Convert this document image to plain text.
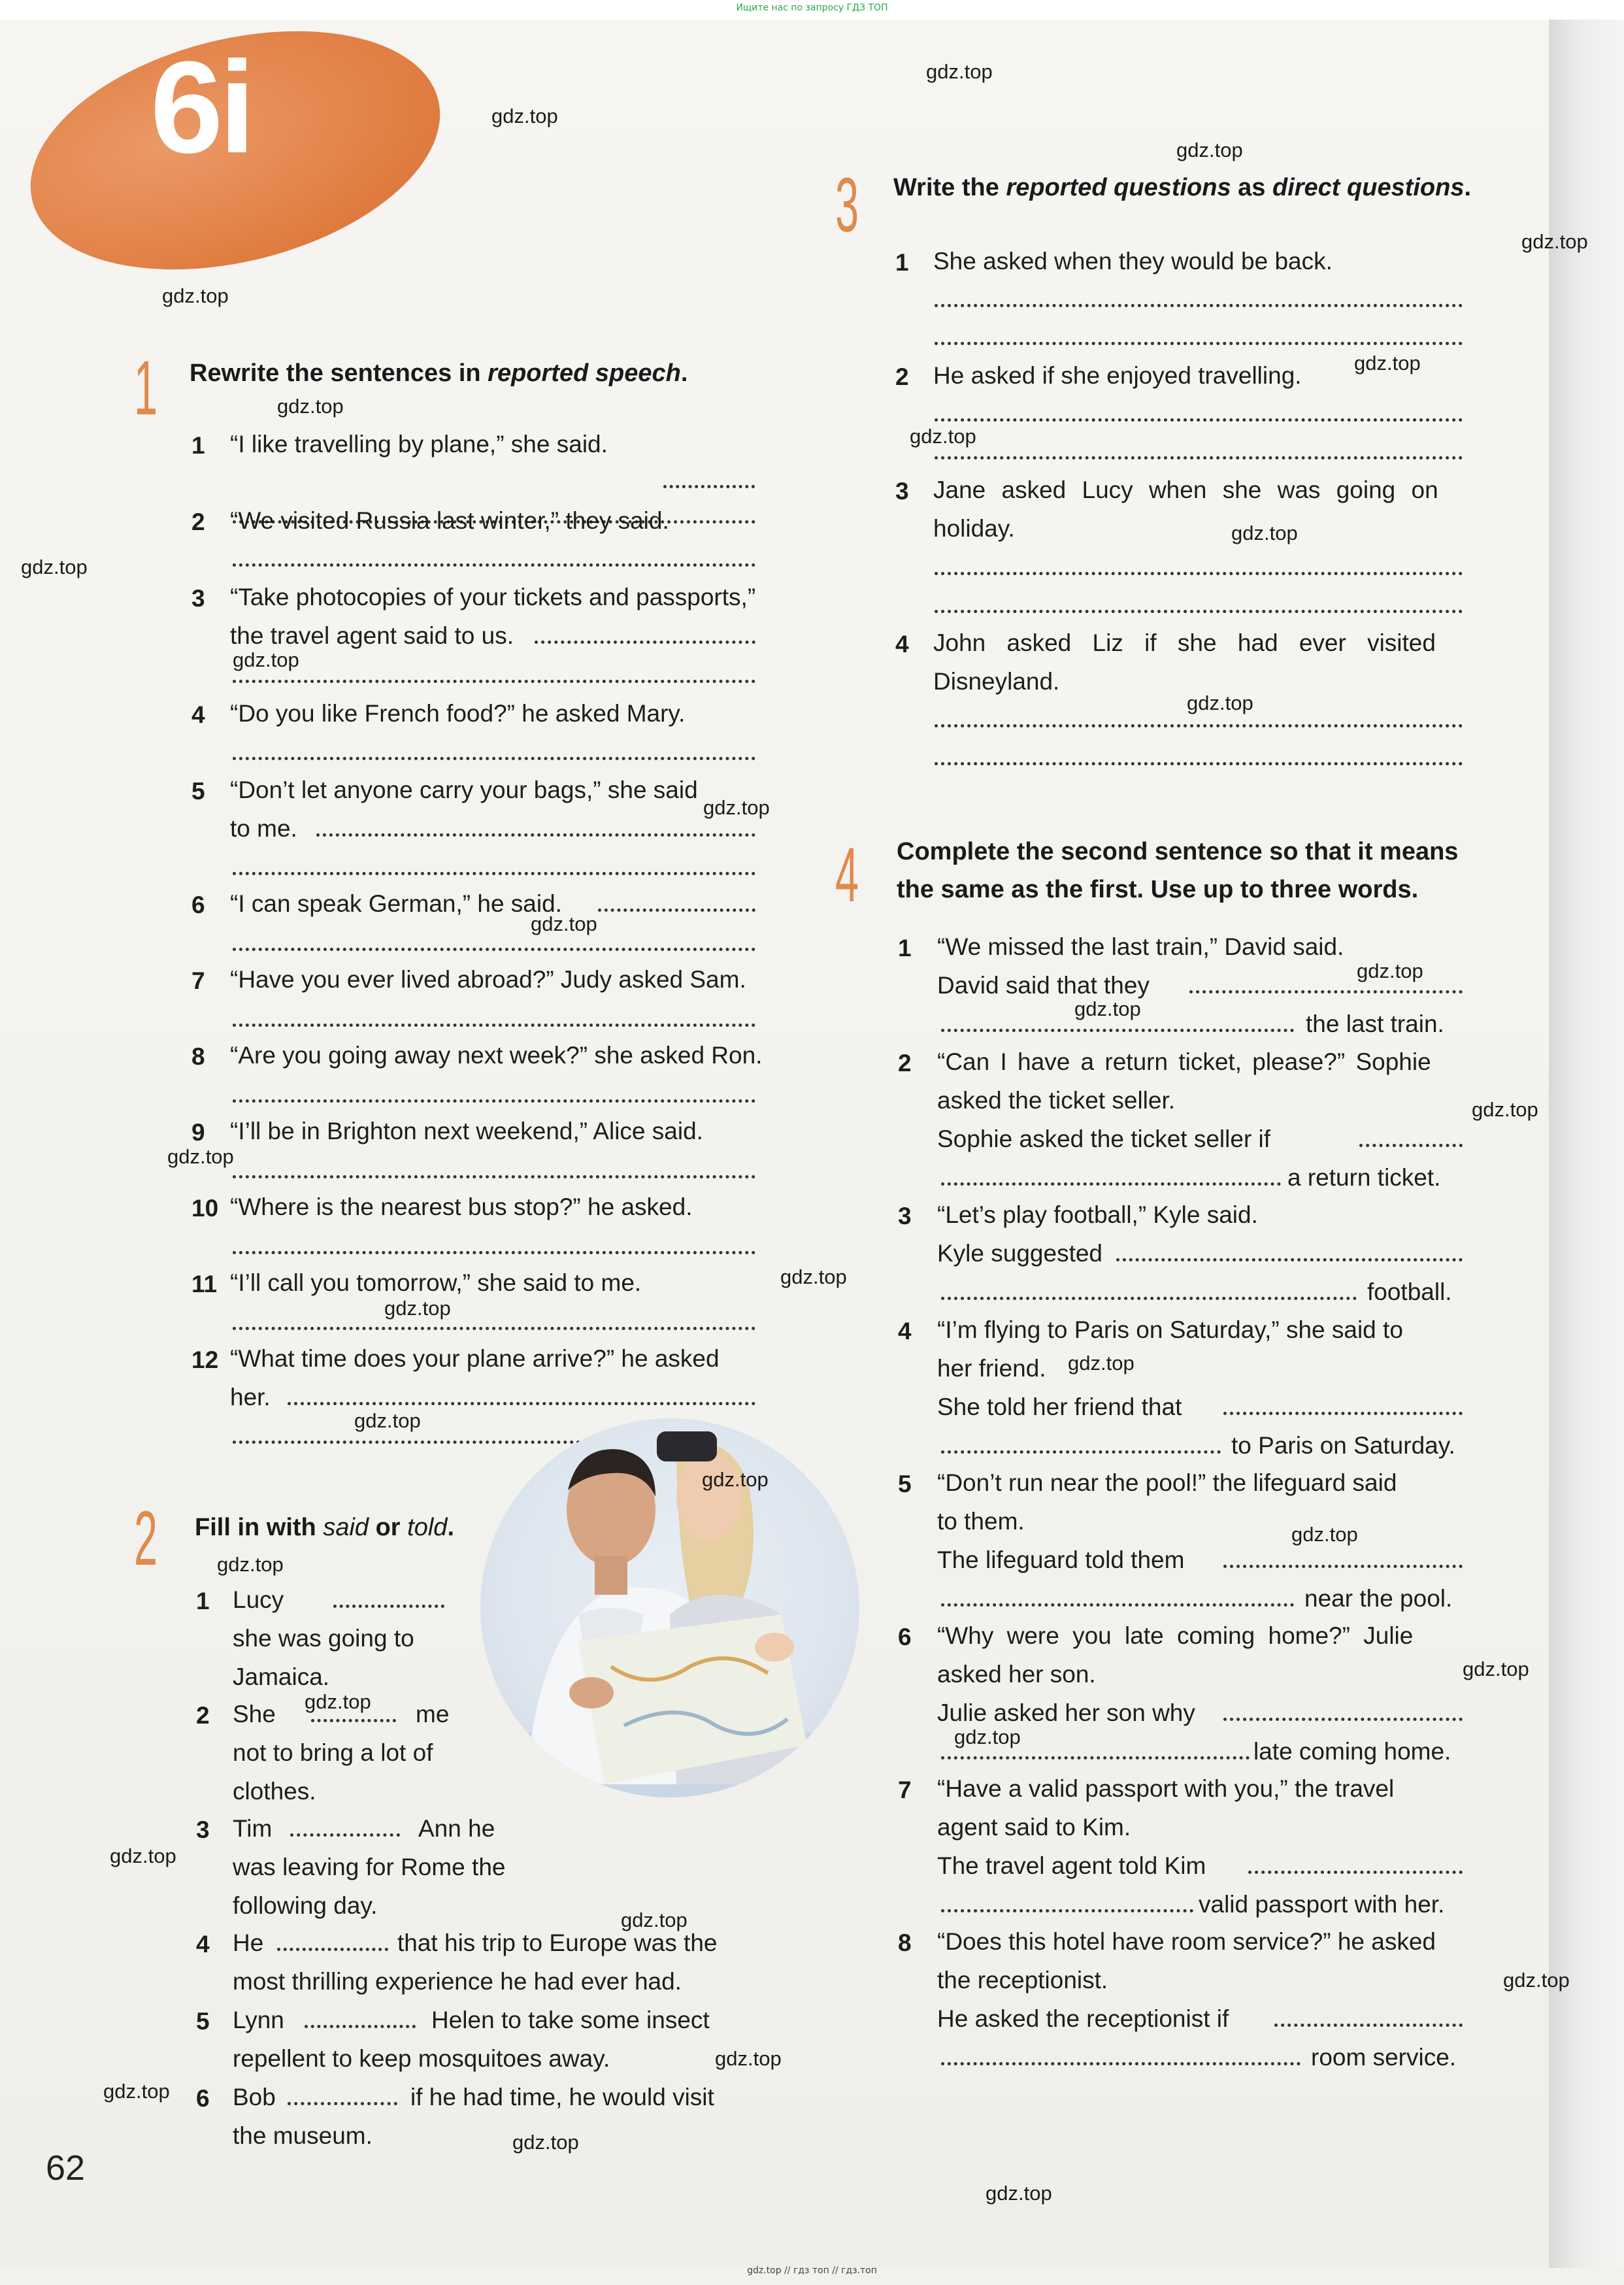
Ищите нас по запросу ГДЗ ТОП
6i
1 Rewrite the sentences in reported speech.
1 “I like travelling by plane,” she said.
2 “We visited Russia last winter,” they said.
3 “Take photocopies of your tickets and passports,”
the travel agent said to us.
4 “Do you like French food?” he asked Mary.
5 “Don’t let anyone carry your bags,” she said
to me.
6 “I can speak German,” he said.
7 “Have you ever lived abroad?” Judy asked Sam.
8 “Are you going away next week?” she asked Ron.
9 “I’ll be in Brighton next weekend,” Alice said.
10 “Where is the nearest bus stop?” he asked.
11 “I’ll call you tomorrow,” she said to me.
12 “What time does your plane arrive?” he asked
her.
2 Fill in with said or told.
1 Lucy
she was going to
Jamaica.
2 She	me
not to bring a lot of
clothes.
3 Tim	Ann he
was leaving for Rome the
following day.
4 He	that his trip to Europe was the
most thrilling experience he had ever had.
5 Lynn	Helen to take some insect
repellent to keep mosquitoes away.
6 Bob	if he had time, he would visit
the museum.
3 Write the reported questions as direct questions.
1 She asked when they would be back.
2 He asked if she enjoyed travelling.
3 Jane asked Lucy when she was going on
holiday.
4 John asked Liz if she had ever visited
Disneyland.
4 Complete the second sentence so that it means
the same as the first. Use up to three words.
1 “We missed the last train,” David said.
David said that they
the last train.
2 “Can I have a return ticket, please?” Sophie
asked the ticket seller.
Sophie asked the ticket seller if
a return ticket.
3 “Let’s play football,” Kyle said.
Kyle suggested
football.
4 “I’m flying to Paris on Saturday,” she said to
her friend.
She told her friend that
to Paris on Saturday.
5 “Don’t run near the pool!” the lifeguard said
to them.
The lifeguard told them
near the pool.
6 “Why were you late coming home?” Julie
asked her son.
Julie asked her son why
late coming home.
7 “Have a valid passport with you,” the travel
agent said to Kim.
The travel agent told Kim
valid passport with her.
8 “Does this hotel have room service?” he asked
the receptionist.
He asked the receptionist if
room service.
62
gdz.top
gdz.top
gdz.top
gdz.top
gdz.top
gdz.top
gdz.top
gdz.top
gdz.top
gdz.top
gdz.top
gdz.top
gdz.top
gdz.top
gdz.top
gdz.top
gdz.top
gdz.top
gdz.top
gdz.top
gdz.top
gdz.top
gdz.top
gdz.top
gdz.top
gdz.top
gdz.top
gdz.top
gdz.top
gdz.top
gdz.top
gdz.top
gdz.top
gdz.top
gdz.top
gdz.top // гдз топ // гдз.топ
